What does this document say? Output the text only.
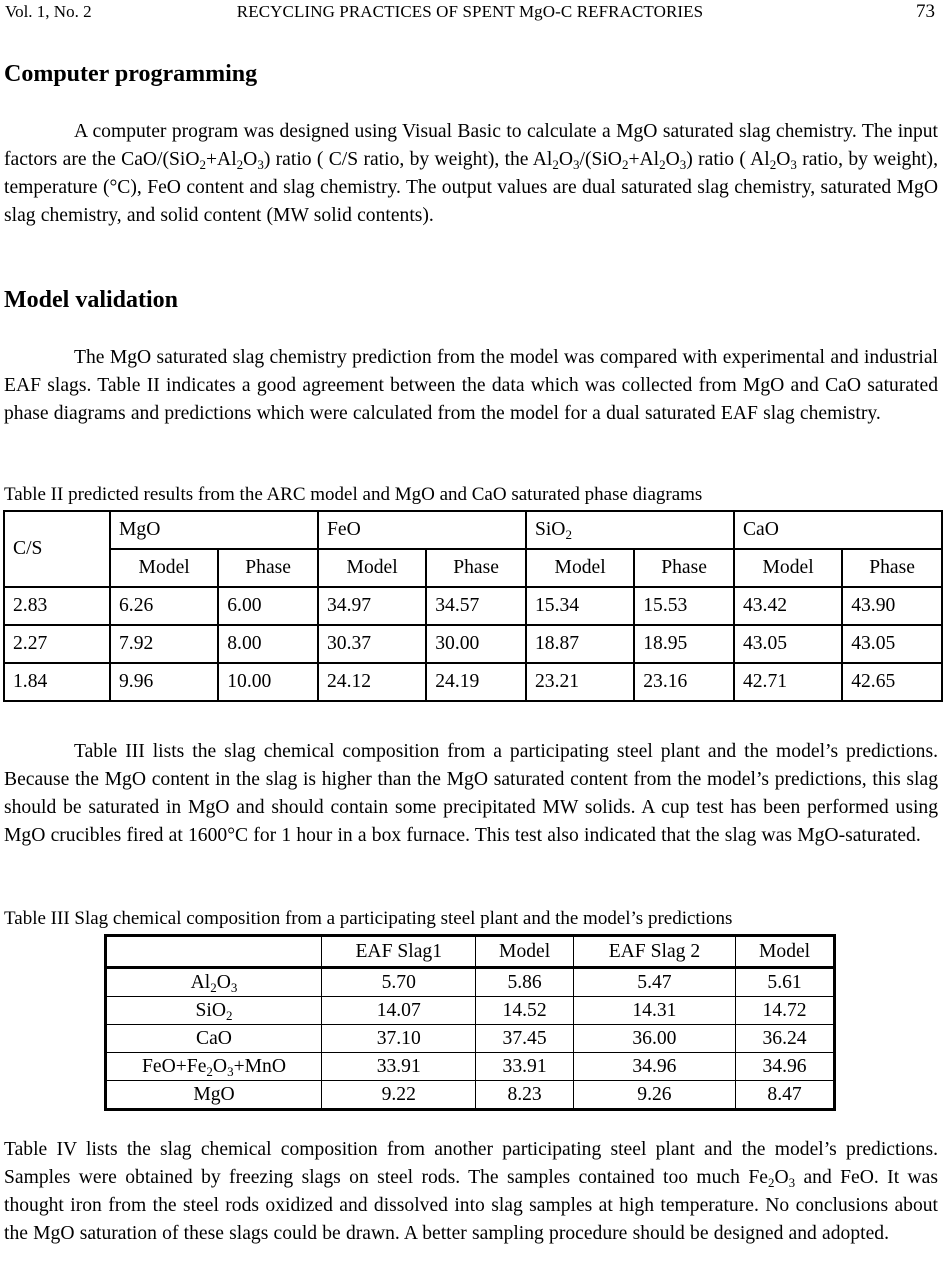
Vol. 1, No. 2	RECYCLING PRACTICES OF SPENT MgO-C REFRACTORIES	73
Computer programming

A computer program was designed using Visual Basic to calculate a MgO saturated slag chemistry. The input factors are the CaO/$(SiO_2+Al_2O_3)$ ratio ( C/S ratio, by weight), the $Al_2O_3/(SiO_2+Al_2O_3)$ ratio ( $Al_2O_3$ ratio, by weight), temperature (°C), FeO content and slag chemistry. The output values are dual saturated slag chemistry, saturated MgO slag chemistry, and solid content (MW solid contents).

Model validation

The MgO saturated slag chemistry prediction from the model was compared with experimental and industrial EAF slags. Table II indicates a good agreement between the data which was collected from MgO and CaO saturated phase diagrams and predictions which were calculated from the model for a dual saturated EAF slag chemistry.

Table II predicted results from the ARC model and MgO and CaO saturated phase diagrams

C/S	MgO		FeO		SiO$_2$		CaO	
	Model	Phase	Model	Phase	Model	Phase	Model	Phase
2.83	6.26	6.00	34.97	34.57	15.34	15.53	43.42	43.90
2.27	7.92	8.00	30.37	30.00	18.87	18.95	43.05	43.05
1.84	9.96	10.00	24.12	24.19	23.21	23.16	42.71	42.65

Table III lists the slag chemical composition from a participating steel plant and the model’s predictions. Because the MgO content in the slag is higher than the MgO saturated content from the model’s predictions, this slag should be saturated in MgO and should contain some precipitated MW solids. A cup test has been performed using MgO crucibles fired at 1600°C for 1 hour in a box furnace. This test also indicated that the slag was MgO-saturated.

Table III Slag chemical composition from a participating steel plant and the model’s predictions

	EAF Slag1	Model	EAF Slag 2	Model
$Al_2O_3$	5.70	5.86	5.47	5.61
SiO$_2$	14.07	14.52	14.31	14.72
CaO	37.10	37.45	36.00	36.24
$FeO+Fe_2O_3+MnO$	33.91	33.91	34.96	34.96
MgO	9.22	8.23	9.26	8.47

Table IV lists the slag chemical composition from another participating steel plant and the model’s predictions. Samples were obtained by freezing slags on steel rods. The samples contained too much $Fe_2O_3$ and FeO. It was thought iron from the steel rods oxidized and dissolved into slag samples at high temperature. No conclusions about the MgO saturation of these slags could be drawn. A better sampling procedure should be designed and adopted.
